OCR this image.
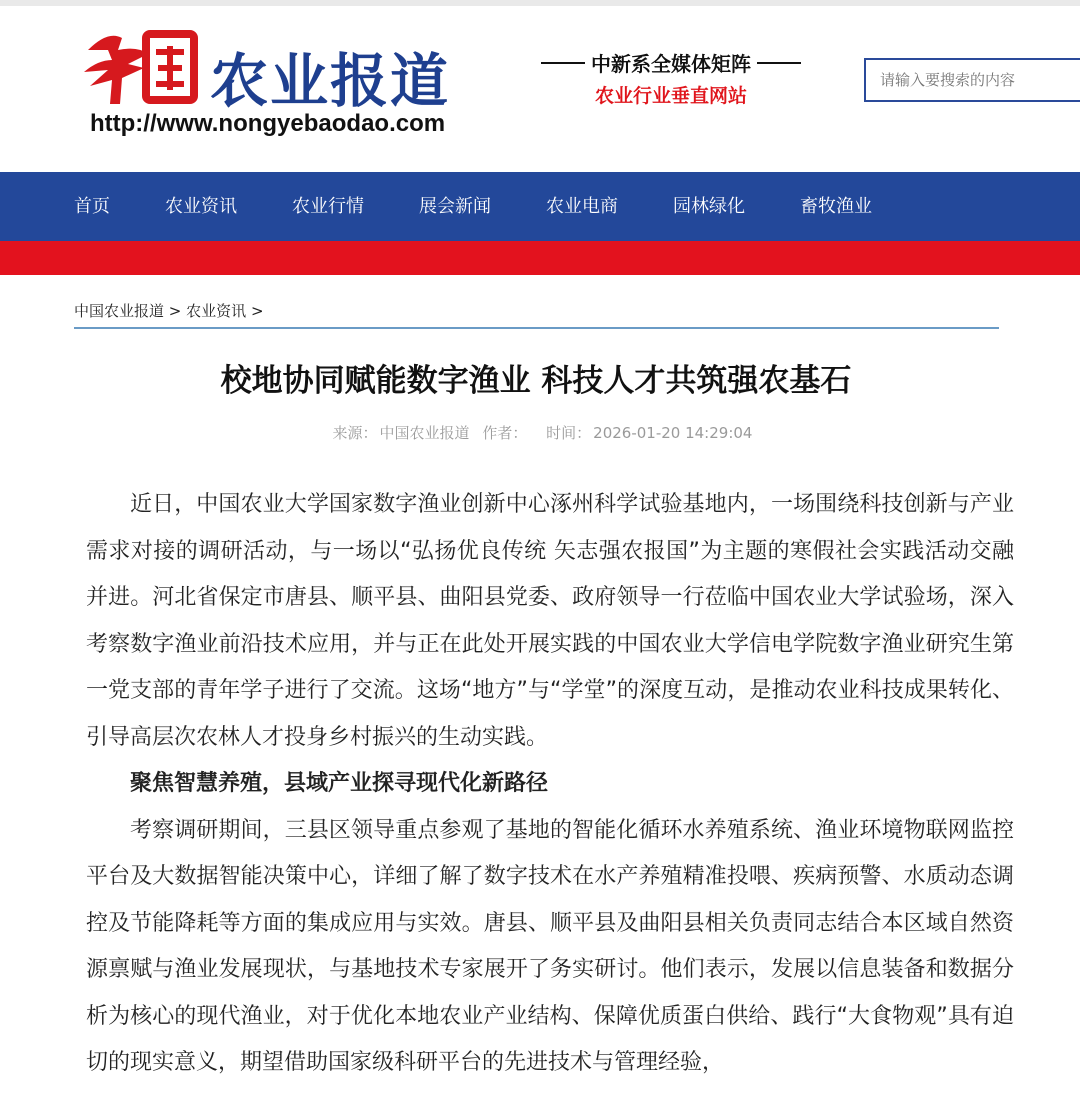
农业报道
http://www.nongyebaodao.com
中新系全媒体矩阵
农业行业垂直网站
请输入要搜索的内容
首页	农业资讯	农业行情	展会新闻	农业电商	园林绿化	畜牧渔业
中国农业报道 > 农业资讯 >
校地协同赋能数字渔业 科技人才共筑强农基石
来源： 中国农业报道 作者： 时间： 2026-01-20 14:29:04

近日，中国农业大学国家数字渔业创新中心涿州科学试验基地内，一场围绕科技创新与产业需求对接的调研活动，与一场以“弘扬优良传统 矢志强农报国”为主题的寒假社会实践活动交融并进。河北省保定市唐县、顺平县、曲阳县党委、政府领导一行莅临中国农业大学试验场，深入考察数字渔业前沿技术应用，并与正在此处开展实践的中国农业大学信电学院数字渔业研究生第一党支部的青年学子进行了交流。这场“地方”与“学堂”的深度互动，是推动农业科技成果转化、引导高层次农林人才投身乡村振兴的生动实践。

聚焦智慧养殖，县域产业探寻现代化新路径

考察调研期间，三县区领导重点参观了基地的智能化循环水养殖系统、渔业环境物联网监控平台及大数据智能决策中心，详细了解了数字技术在水产养殖精准投喂、疾病预警、水质动态调控及节能降耗等方面的集成应用与实效。唐县、顺平县及曲阳县相关负责同志结合本区域自然资源禀赋与渔业发展现状，与基地技术专家展开了务实研讨。他们表示，发展以信息装备和数据分析为核心的现代渔业，对于优化本地农业产业结构、保障优质蛋白供给、践行“大食物观”具有迫切的现实意义，期望借助国家级科研平台的先进技术与管理经验，
